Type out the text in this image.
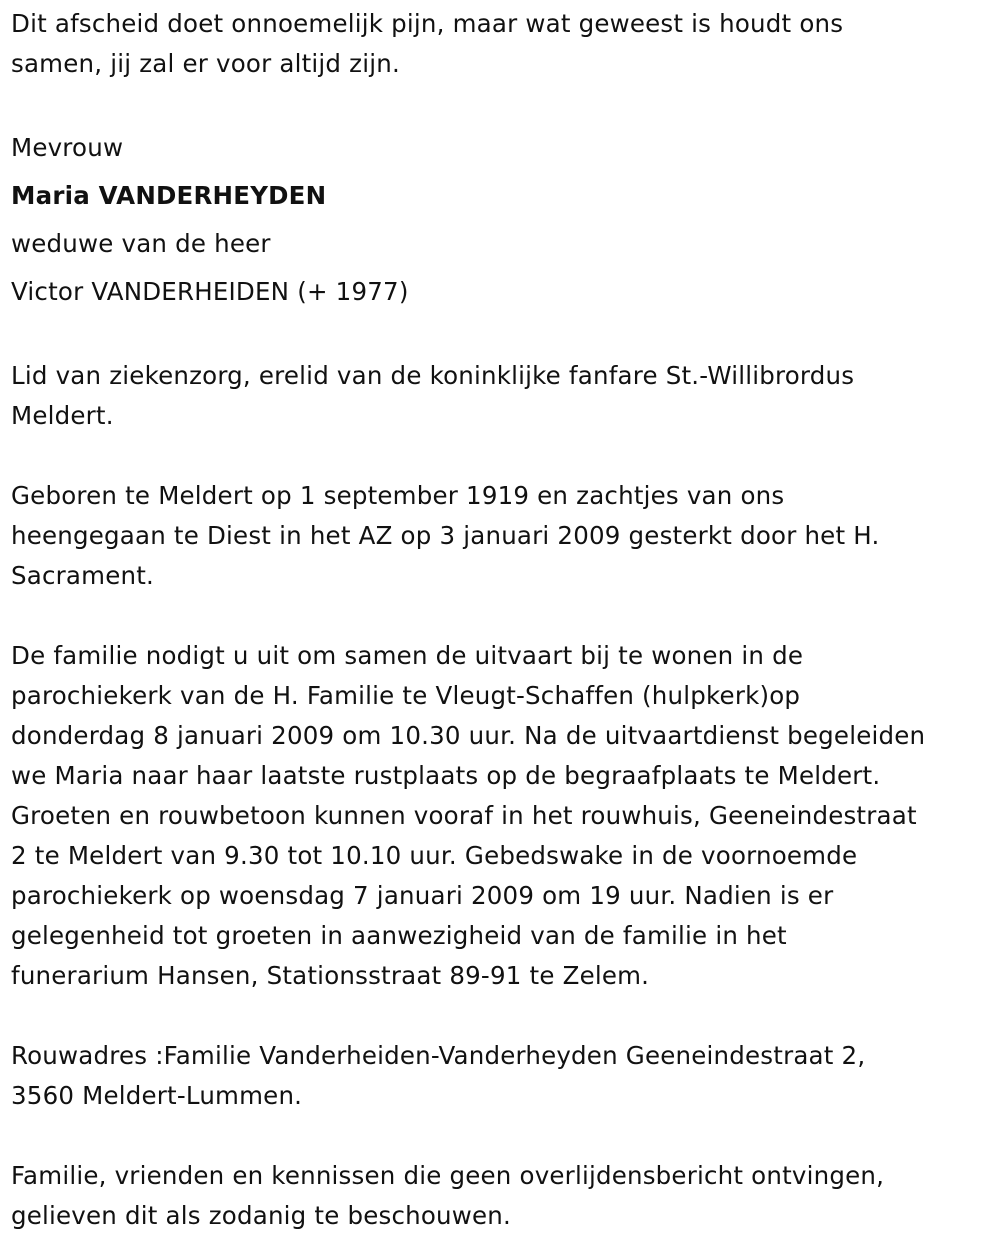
Dit afscheid doet onnoemelijk pijn, maar wat geweest is houdt ons
samen, jij zal er voor altijd zijn.
Mevrouw
Maria VANDERHEYDEN
weduwe van de heer
Victor VANDERHEIDEN (+ 1977)
Lid van ziekenzorg, erelid van de koninklijke fanfare St.-Willibrordus
Meldert.
Geboren te Meldert op 1 september 1919 en zachtjes van ons
heengegaan te Diest in het AZ op 3 januari 2009 gesterkt door het H.
Sacrament.
De familie nodigt u uit om samen de uitvaart bij te wonen in de
parochiekerk van de H. Familie te Vleugt-Schaffen (hulpkerk)op
donderdag 8 januari 2009 om 10.30 uur. Na de uitvaartdienst begeleiden
we Maria naar haar laatste rustplaats op de begraafplaats te Meldert.
Groeten en rouwbetoon kunnen vooraf in het rouwhuis, Geeneindestraat
2 te Meldert van 9.30 tot 10.10 uur. Gebedswake in de voornoemde
parochiekerk op woensdag 7 januari 2009 om 19 uur. Nadien is er
gelegenheid tot groeten in aanwezigheid van de familie in het
funerarium Hansen, Stationsstraat 89-91 te Zelem.
Rouwadres :Familie Vanderheiden-Vanderheyden Geeneindestraat 2,
3560 Meldert-Lummen.
Familie, vrienden en kennissen die geen overlijdensbericht ontvingen,
gelieven dit als zodanig te beschouwen.
